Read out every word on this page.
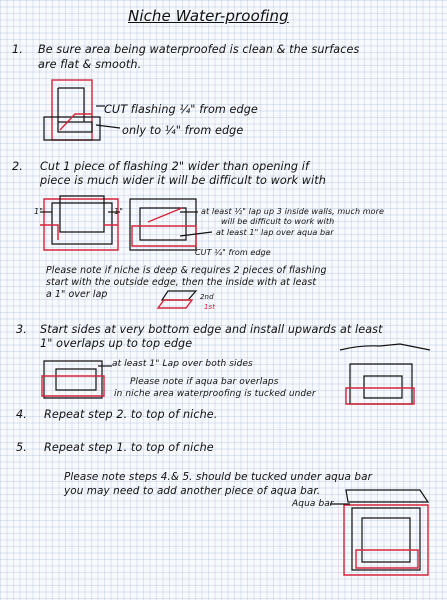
Niche Water-proofing
1. Be sure area being waterproofed is clean & the surfaces
are flat & smooth.
CUT flashing ¼" from edge
only to ¼" from edge
2. Cut 1 piece of flashing 2" wider than opening if
piece is much wider it will be difficult to work with
1"	1"	at least ½" lap up 3 inside walls, much more
will be difficult to work with
at least 1" lap over aqua bar
CUT ¼" from edge
Please note if niche is deep & requires 2 pieces of flashing
start with the outside edge, then the inside with at least
a 1" over lap	2nd
1st
3. Start sides at very bottom edge and install upwards at least
1" overlaps up to top edge
at least 1" Lap over both sides
Please note if aqua bar overlaps
in niche area waterproofing is tucked under
4. Repeat step 2. to top of niche.
5. Repeat step 1. to top of niche
Please note steps 4.& 5. should be tucked under aqua bar
you may need to add another piece of aqua bar.
Aqua bar
